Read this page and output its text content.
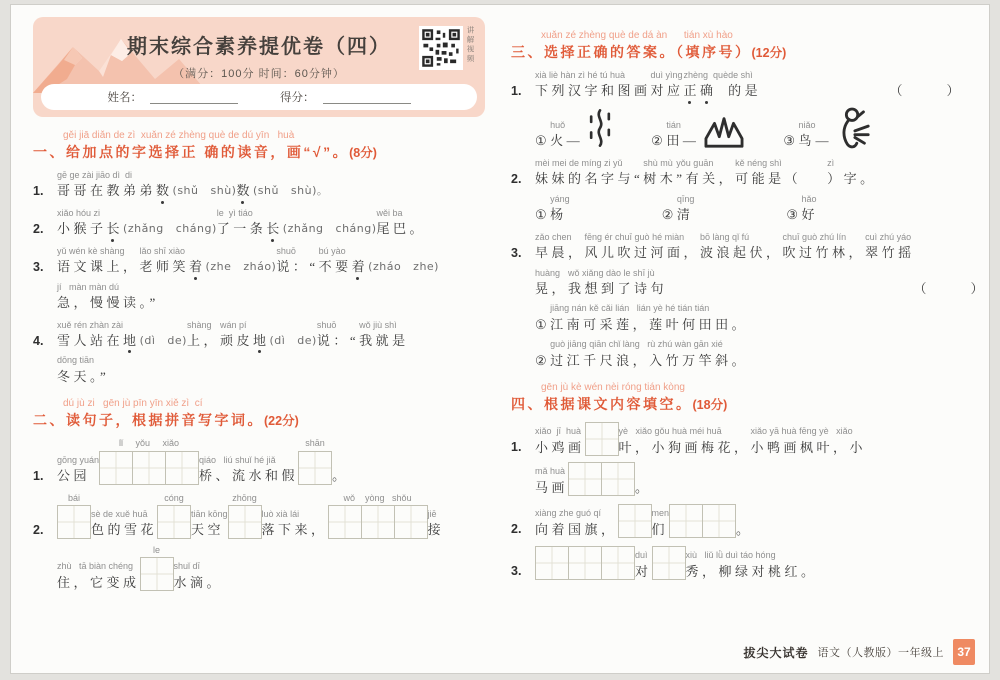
期末综合素养提优卷（四）
（满分：100分 时间：60分钟）
讲解视频
姓名：	得分：
gěi jiā diǎn de zì  xuǎn zé zhèng què de dú yīn   huà
一、给加点的字选择正 确的读音，画“√”。(8分)
1.
gē ge zài jiāo dì  di
哥哥在教弟弟 数 (shǔ   shù) 数 (shǔ   shù)。
2.
xiǎo hóu zi
小猴子 长 (zhǎng   cháng)
le  yì tiáo
了一条 长 (zhǎng   cháng)
wěi ba
尾巴。
3.
yǔ wén kè shàng
语文课上，
lǎo shī xiào
老师笑 着 (zhe   zháo)
shuō
说：“
bú yào
不要 着 (zháo   zhe)
jí   màn màn dú
急，慢慢读。”
4.
xuě rén zhàn zài
雪人站在 地 (dì   de)
shàng
上，
wán pí
顽皮 地 (dì   de)
shuō
说：“
wǒ jiù shì
我就是
dōng tiān
冬天。”
dú jù zi   gēn jù pīn yīn xiě zì  cí
二、读句子，根据拼音写字词。(22分)
1.
gōng yuán
公园
lǐ     yǒu     xiǎo
qiáo   liú shuǐ hé jiǎ
桥、流水和假
shān
。
2.
bái
sè de xuě huā
色的雪花
cóng
tiān kōng
天空
zhōng
luò xià lái
落下来，
wǒ    yòng   shǒu
jiē
接
zhù   tā biàn chéng
住，它变成
le
shuǐ dī
水滴。
xuǎn zé zhèng què de dá àn      tián xù hào
三、选择正确的答案。（填序号）(12分)
1.
xià liè hàn zì hé tú huà
下列汉字和图画
duì yìng
对应
zhèng  què
正确
de shì
的是	（      ）
①
huǒ
火 —	②
tián
田 —	③
niǎo
鸟 —
2.
mèi mei de míng zi yǔ
妹妹的名字与“
shù mù
树木
yǒu guān
”有关，
kě néng shì
可能是（
zì
）字。
①
yáng
杨	②
qīng
清	③
hǎo
好
3.
zǎo chen
早晨，
fēng ér chuī guò hé miàn
风儿吹过河面，
bō làng qǐ fú
波浪起伏，
chuī guò zhú lín
吹过竹林，
cuì zhú yáo
翠竹摇
huàng
晃，
wǒ xiǎng dào le shī jù
我想到了诗句	（      ）
①
jiāng nán kě cǎi lián   lián yè hé tián tián
江南可采莲，莲叶何田田。
②
guò jiāng qiān chǐ làng   rù zhú wàn gān xié
过江千尺浪，入竹万竿斜。
gēn jù kè wén nèi róng tián kòng
四、根据课文内容填空。(18分)
1.
xiǎo  jī  huà
小鸡画
yè   xiǎo gǒu huà méi huā
叶，小狗画梅花，
xiǎo yā huà fēng yè   xiǎo
小鸭画枫叶，小
mǎ huà
马画	。
2.
xiàng zhe guó qí
向着国旗，
men
们	。
3.
duì
对
xiù   liǔ lǜ duì táo hóng
秀，柳绿对桃红。
拔尖大试卷 语文（人教版）一年级上	37
